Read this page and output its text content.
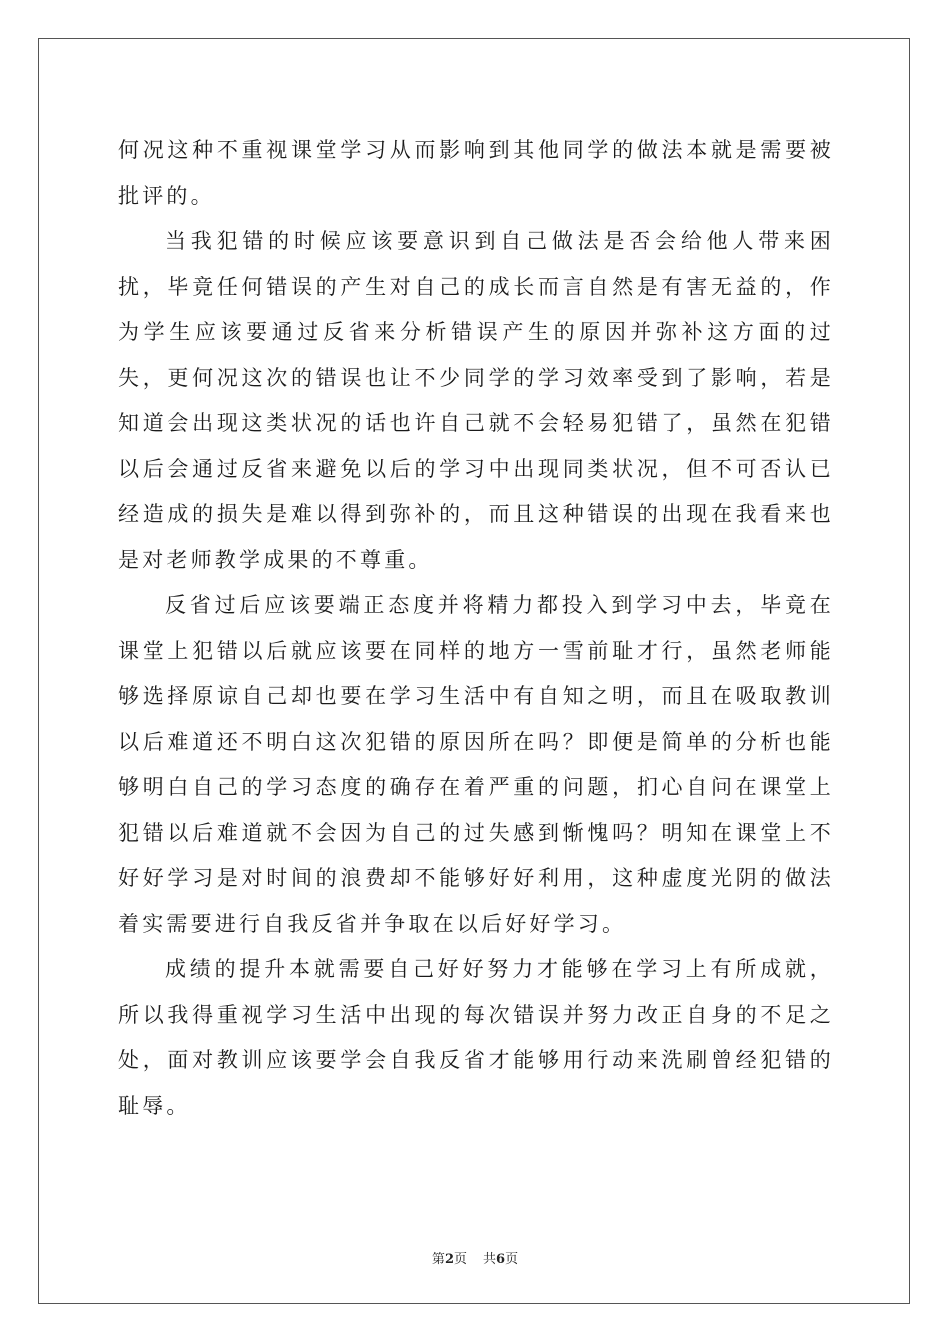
何况这种不重视课堂学习从而影响到其他同学的做法本就是需要被批评的。

当我犯错的时候应该要意识到自己做法是否会给他人带来困扰，毕竟任何错误的产生对自己的成长而言自然是有害无益的，作为学生应该要通过反省来分析错误产生的原因并弥补这方面的过失，更何况这次的错误也让不少同学的学习效率受到了影响，若是知道会出现这类状况的话也许自己就不会轻易犯错了，虽然在犯错以后会通过反省来避免以后的学习中出现同类状况，但不可否认已经造成的损失是难以得到弥补的，而且这种错误的出现在我看来也是对老师教学成果的不尊重。

反省过后应该要端正态度并将精力都投入到学习中去，毕竟在课堂上犯错以后就应该要在同样的地方一雪前耻才行，虽然老师能够选择原谅自己却也要在学习生活中有自知之明，而且在吸取教训以后难道还不明白这次犯错的原因所在吗？即便是简单的分析也能够明白自己的学习态度的确存在着严重的问题，扪心自问在课堂上犯错以后难道就不会因为自己的过失感到惭愧吗？明知在课堂上不好好学习是对时间的浪费却不能够好好利用，这种虚度光阴的做法着实需要进行自我反省并争取在以后好好学习。

成绩的提升本就需要自己好好努力才能够在学习上有所成就，所以我得重视学习生活中出现的每次错误并努力改正自身的不足之处，面对教训应该要学会自我反省才能够用行动来洗刷曾经犯错的耻辱。

第2页 共6页
